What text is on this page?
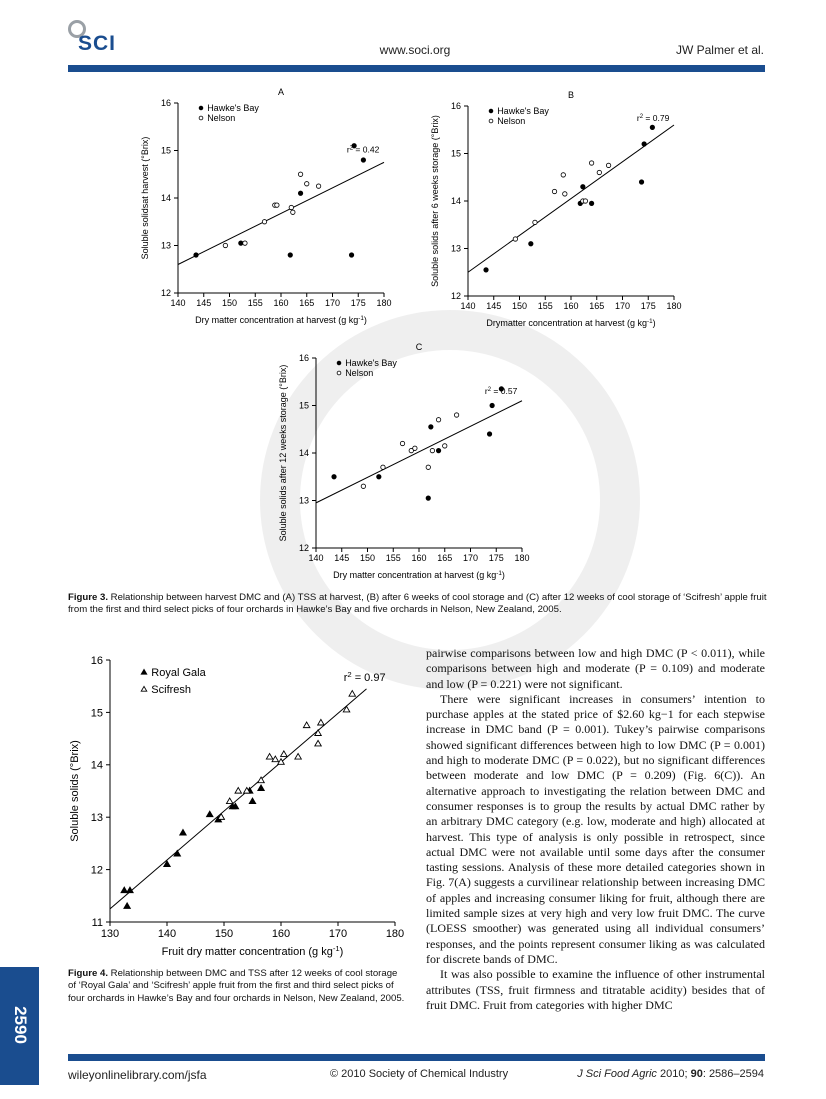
SCI	www.soci.org	JW Palmer et al.
140 145 150 155 160 165 170 175 180
12
13
14
15
16	Hawke's Bay
Nelson
$r^2 = 0.42$
A
Dry matter concentration at harvest (g $kg^{-1}$)
Soluble solidsat harvest (°Brix)
140 145 150 155 160 165 170 175 180
12
13
14
15
16	Hawke's Bay
Nelson	$r^2 = 0.79$
B
Drymatter concentration at harvest (g $kg^{-1}$)
Soluble solids after 6 weeks storage (°Brix)
140 145 150 155 160 165 170 175 180
12
13
14
15
16	Hawke's Bay
Nelson
$r^2 = 0.57$
C
Dry matter concentration at harvest (g $kg^{-1}$)
Soluble solids after 12 weeks storage (°Brix)
Figure 3. Relationship between harvest DMC and (A) TSS at harvest, (B) after 6 weeks of cool storage and (C) after 12 weeks of cool storage of ‘Scifresh’ apple fruit from the first and third select picks of four orchards in Hawke’s Bay and five orchards in Nelson, New Zealand, 2005.
130	140	150	160	170	180
11
12
13
14
15
16
Royal Gala
Scifresh
$r^2 = 0.97$
Fruit dry matter concentration (g $kg^{-1}$)
Soluble solids (°Brix)
Figure 4. Relationship between DMC and TSS after 12 weeks of cool storage of ‘Royal Gala’ and ‘Scifresh’ apple fruit from the first and third select picks of four orchards in Hawke’s Bay and four orchards in Nelson, New Zealand, 2005.

pairwise comparisons between low and high DMC (P < 0.011), while comparisons between high and moderate (P = 0.109) and moderate and low (P = 0.221) were not significant.

There were significant increases in consumers’ intention to purchase apples at the stated price of $2.60 kg−1 for each stepwise increase in DMC band (P = 0.001). Tukey’s pairwise comparisons showed significant differences between high to low DMC (P = 0.001) and high to moderate DMC (P = 0.022), but no significant differences between moderate and low DMC (P = 0.209) (Fig. 6(C)). An alternative approach to investigating the relation between DMC and consumer responses is to group the results by actual DMC rather by an arbitrary DMC category (e.g. low, moderate and high) allocated at harvest. This type of analysis is only possible in retrospect, since actual DMC were not available until some days after the consumer tasting sessions. Analysis of these more detailed categories shown in Fig. 7(A) suggests a curvilinear relationship between increasing DMC of apples and increasing consumer liking for fruit, although there are limited sample sizes at very high and very low fruit DMC. The curve (LOESS smoother) was generated using all individual consumers’ responses, and the points represent consumer liking as was calculated for discrete bands of DMC.

It was also possible to examine the influence of other instrumental attributes (TSS, fruit firmness and titratable acidity) besides that of fruit DMC. Fruit from categories with higher DMC

2590
wileyonlinelibrary.com/jsfa	© 2010 Society of Chemical Industry	J Sci Food Agric 2010; 90: 2586–2594
